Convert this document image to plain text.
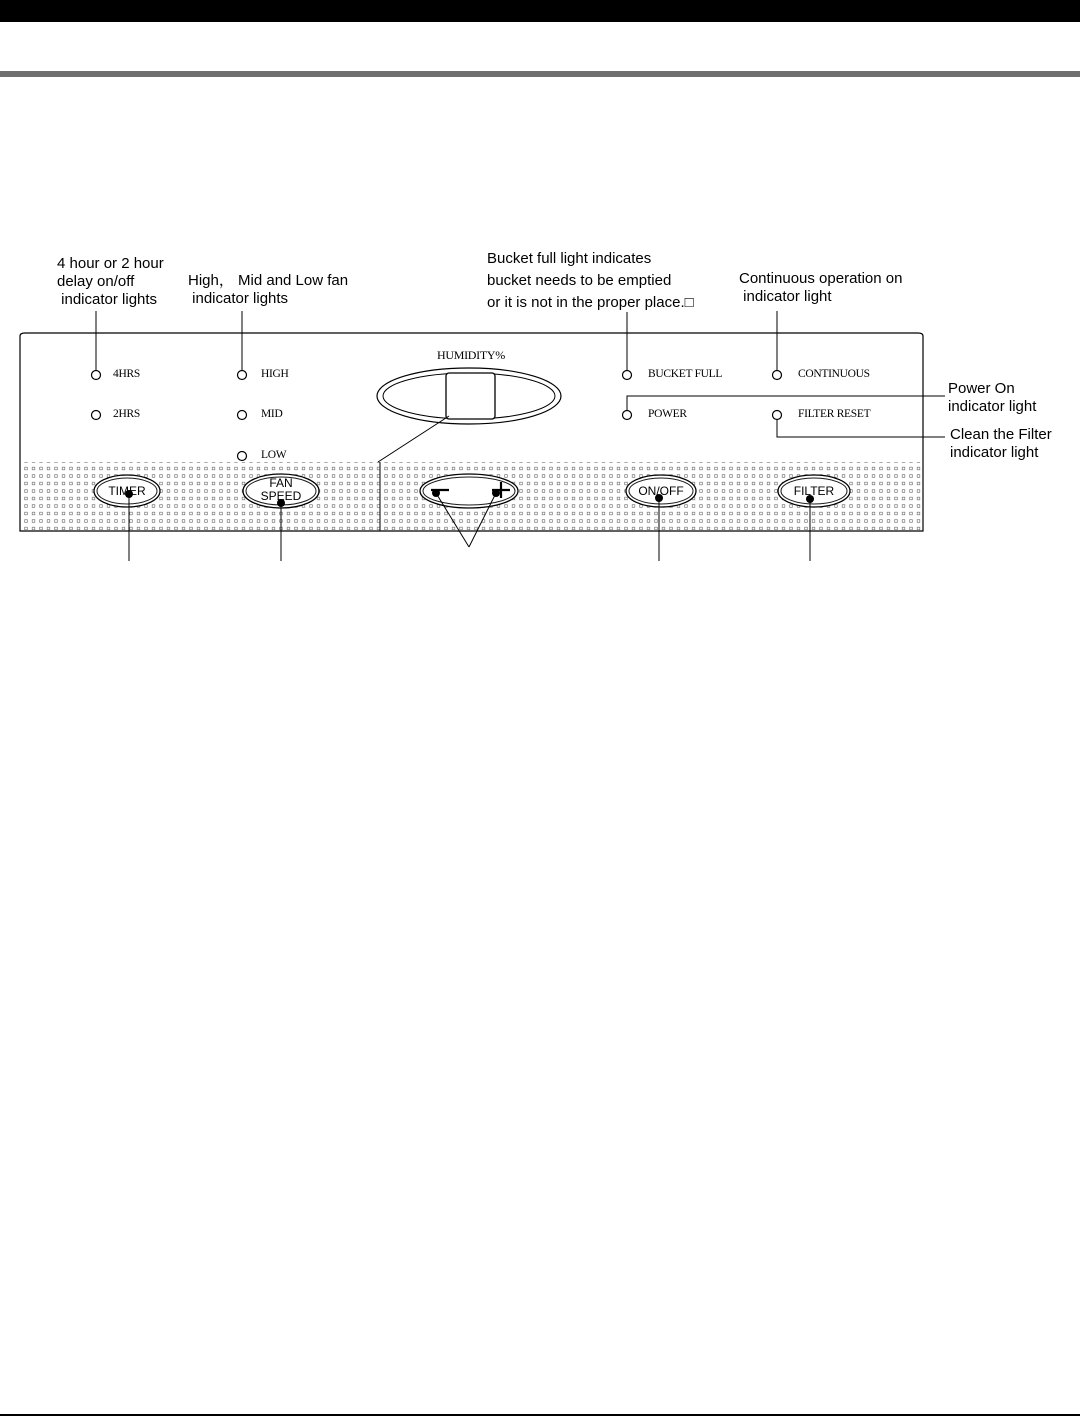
4 hour or 2 hour
delay on/off
indicator lights
High， Mid and Low fan
indicator lights
Bucket full light indicates
bucket needs to be emptied
or it is not in the proper place.□
Continuous operation on
indicator light
Power On
indicator light
Clean the Filter
indicator light
HUMIDITY%
4HRS
2HRS
HIGH
MID
LOW
BUCKET FULL
POWER
CONTINUOUS
FILTER RESET
TIMER
FAN
SPEED	ON/OFF	FILTER
